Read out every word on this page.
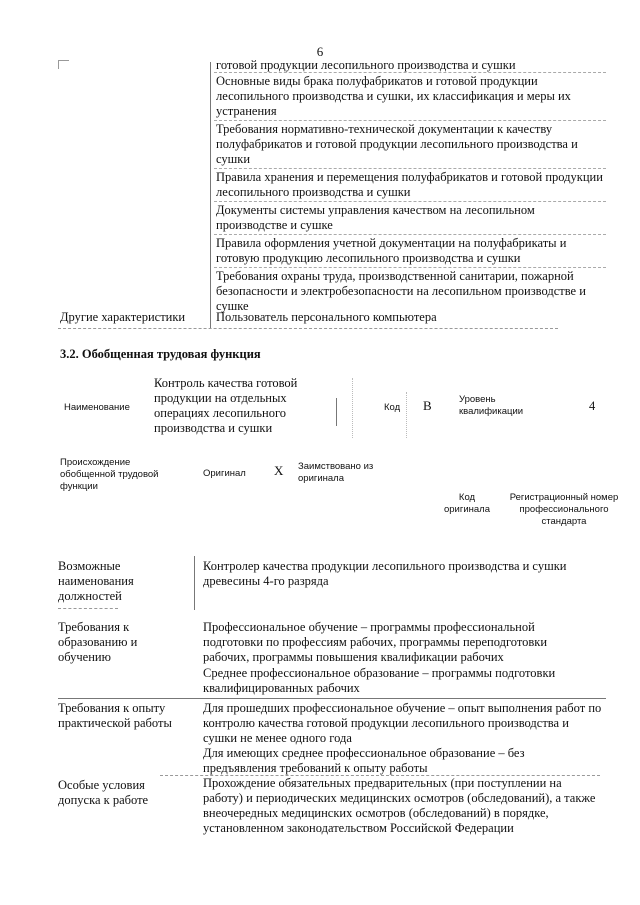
6
готовой продукции лесопильного производства и сушки
Основные виды брака полуфабрикатов и готовой продукции лесопильного производства и сушки, их классификация и меры их устранения
Требования нормативно-технической документации к качеству полуфабрикатов и готовой продукции лесопильного производства и сушки
Правила хранения и перемещения полуфабрикатов и готовой продукции лесопильного производства и сушки
Документы системы управления качеством на лесопильном производстве и сушке
Правила оформления учетной документации на полуфабрикаты и готовую продукцию лесопильного производства и сушки
Требования охраны труда, производственной санитарии, пожарной безопасности и электробезопасности на лесопильном производстве и сушке
Другие характеристики Пользователь персонального компьютера
3.2. Обобщенная трудовая функция
Наименование
Контроль качества готовой продукции на отдельных операциях лесопильного производства и сушки
Код B	Уровень квалификации	4
Происхождение обобщенной трудовой функции
Оригинал X Заимствовано из оригинала
Код оригинала
Регистрационный номер профессионального стандарта
Возможные наименования должностей
Контролер качества продукции лесопильного производства и сушки древесины 4-го разряда
Требования к образованию и обучению
Профессиональное обучение – программы профессиональной подготовки по профессиям рабочих, программы переподготовки рабочих, программы повышения квалификации рабочих
Среднее профессиональное образование – программы подготовки квалифицированных рабочих
Требования к опыту практической работы
Для прошедших профессиональное обучение – опыт выполнения работ по контролю качества готовой продукции лесопильного производства и сушки не менее одного года
Для имеющих среднее профессиональное образование – без предъявления требований к опыту работы
Особые условия допуска к работе
Прохождение обязательных предварительных (при поступлении на работу) и периодических медицинских осмотров (обследований), а также внеочередных медицинских осмотров (обследований) в порядке, установленном законодательством Российской Федерации
